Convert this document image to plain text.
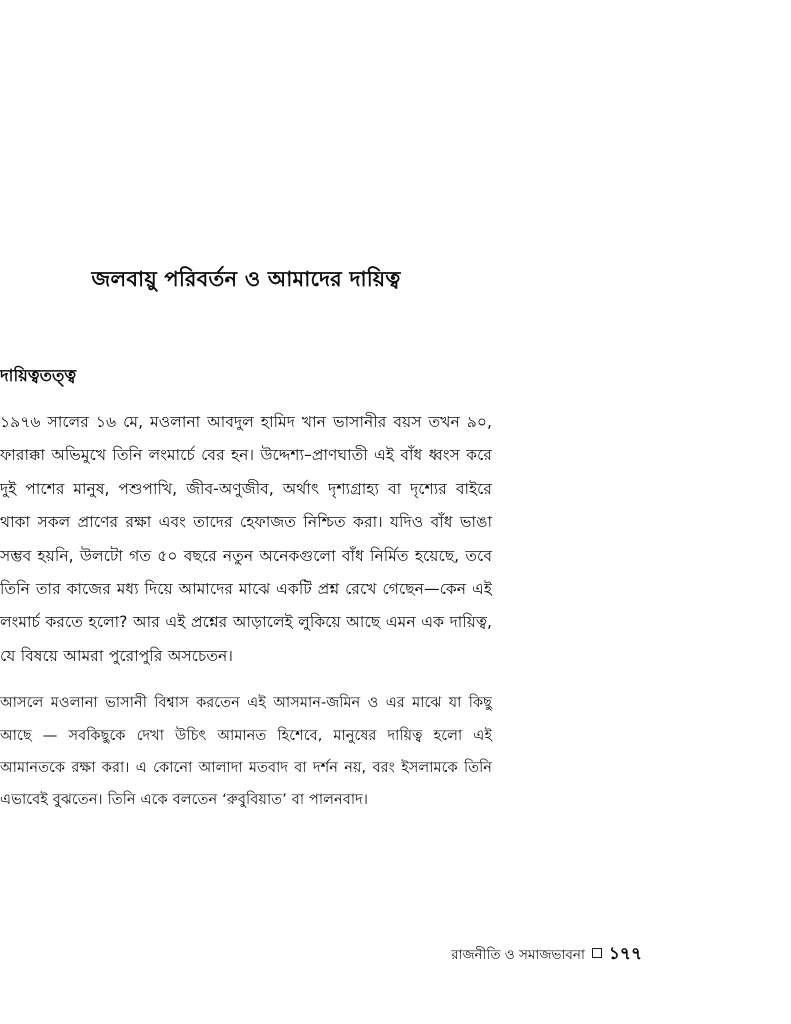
জলবায়ু পরিবর্তন ও আমাদের দায়িত্ব
দায়িত্বতত্ত্ব

১৯৭৬ সালের ১৬ মে, মওলানা আবদুল হামিদ খান ভাসানীর বয়স তখন ৯০, ফারাক্কা অভিমুখে তিনি লংমার্চে বের হন। উদ্দেশ্য–প্রাণঘাতী এই বাঁধ ধ্বংস করে দুই পাশের মানুষ, পশুপাখি, জীব-অণুজীব, অর্থাৎ দৃশ্যগ্রাহ্য বা দৃশ্যের বাইরে থাকা সকল প্রাণের রক্ষা এবং তাদের হেফাজত নিশ্চিত করা। যদিও বাঁধ ভাঙা সম্ভব হয়নি, উলটো গত ৫০ বছরে নতুন অনেকগুলো বাঁধ নির্মিত হয়েছে, তবে তিনি তার কাজের মধ্য দিয়ে আমাদের মাঝে একটি প্রশ্ন রেখে গেছেন—কেন এই লংমার্চ করতে হলো? আর এই প্রশ্নের আড়ালেই লুকিয়ে আছে এমন এক দায়িত্ব, যে বিষয়ে আমরা পুরোপুরি অসচেতন।

আসলে মওলানা ভাসানী বিশ্বাস করতেন এই আসমান-জমিন ও এর মাঝে যা কিছু আছে — সবকিছুকে দেখা উচিৎ আমানত হিশেবে, মানুষের দায়িত্ব হলো এই আমানতকে রক্ষা করা। এ কোনো আলাদা মতবাদ বা দর্শন নয়, বরং ইসলামকে তিনি এভাবেই বুঝতেন। তিনি একে বলতেন ‘রুবুবিয়াত’ বা পালনবাদ।

রাজনীতি ও সমাজভাবনা ১৭৭
